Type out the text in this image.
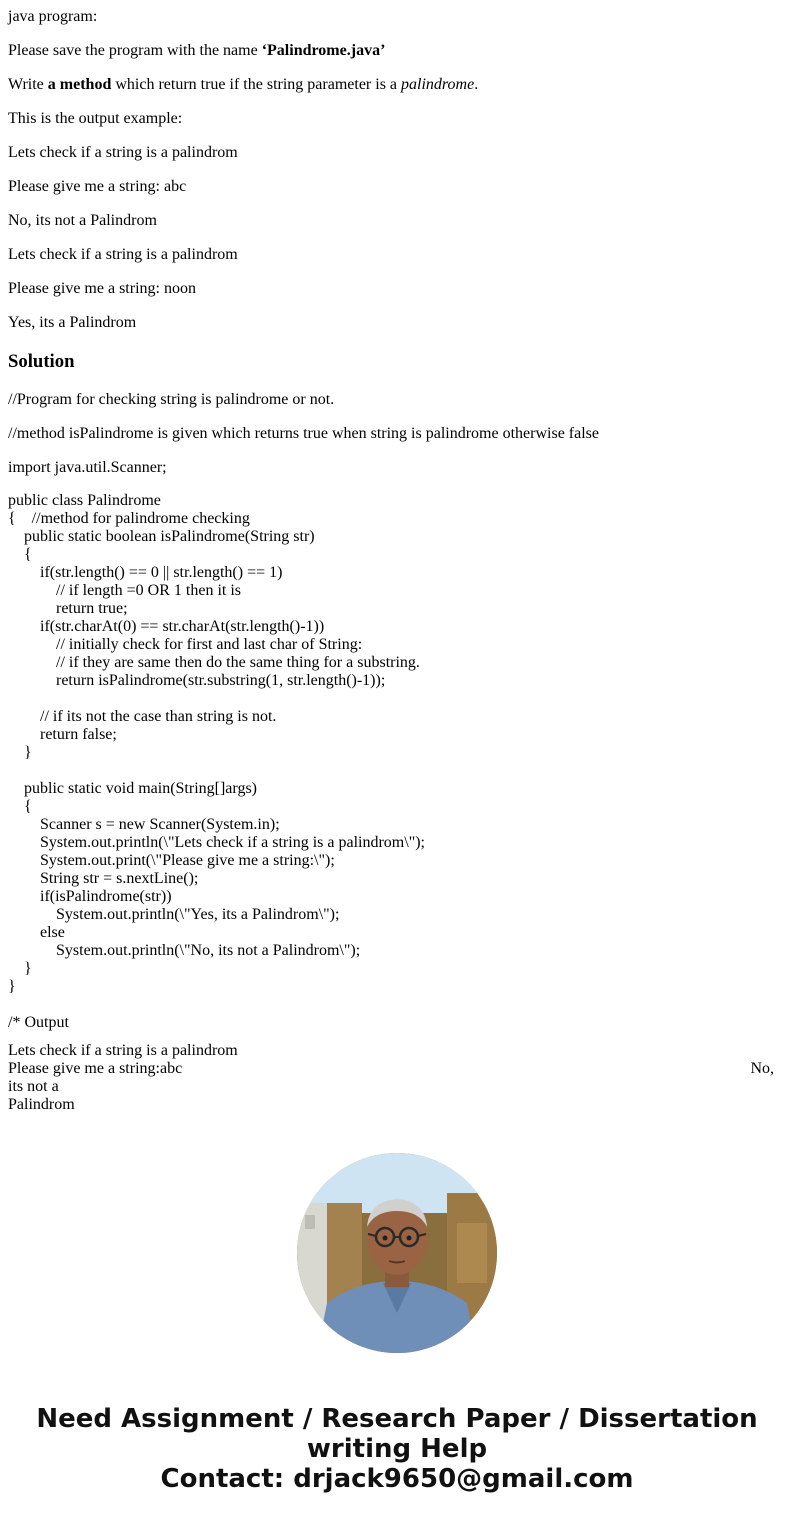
java program:
Please save the program with the name ‘Palindrome.java’
Write a method which return true if the string parameter is a palindrome.
This is the output example:
Lets check if a string is a palindrom
Please give me a string: abc
No, its not a Palindrom
Lets check if a string is a palindrom
Please give me a string: noon
Yes, its a Palindrom
Solution
//Program for checking string is palindrome or not.
//method isPalindrome is given which returns true when string is palindrome otherwise false
import java.util.Scanner;
public class Palindrome
{    //method for palindrome checking
public static boolean isPalindrome(String str)
{
if(str.length() == 0 || str.length() == 1)
// if length =0 OR 1 then it is
return true;
if(str.charAt(0) == str.charAt(str.length()-1))
// initially check for first and last char of String:
// if they are same then do the same thing for a substring.
return isPalindrome(str.substring(1, str.length()-1));
// if its not the case than string is not.
return false;
}
public static void main(String[]args)
{
Scanner s = new Scanner(System.in);
System.out.println(\"Lets check if a string is a palindrom\");
System.out.print(\"Please give me a string:\");
String str = s.nextLine();
if(isPalindrome(str))
System.out.println(\"Yes, its a Palindrom\");
else
System.out.println(\"No, its not a Palindrom\");
}
}
/* Output
Lets check if a string is a palindrom
Please give me a string:abc	No,
its not a
Palindrom
Need Assignment / Research Paper / Dissertation
writing Help
Contact: drjack9650@gmail.com
